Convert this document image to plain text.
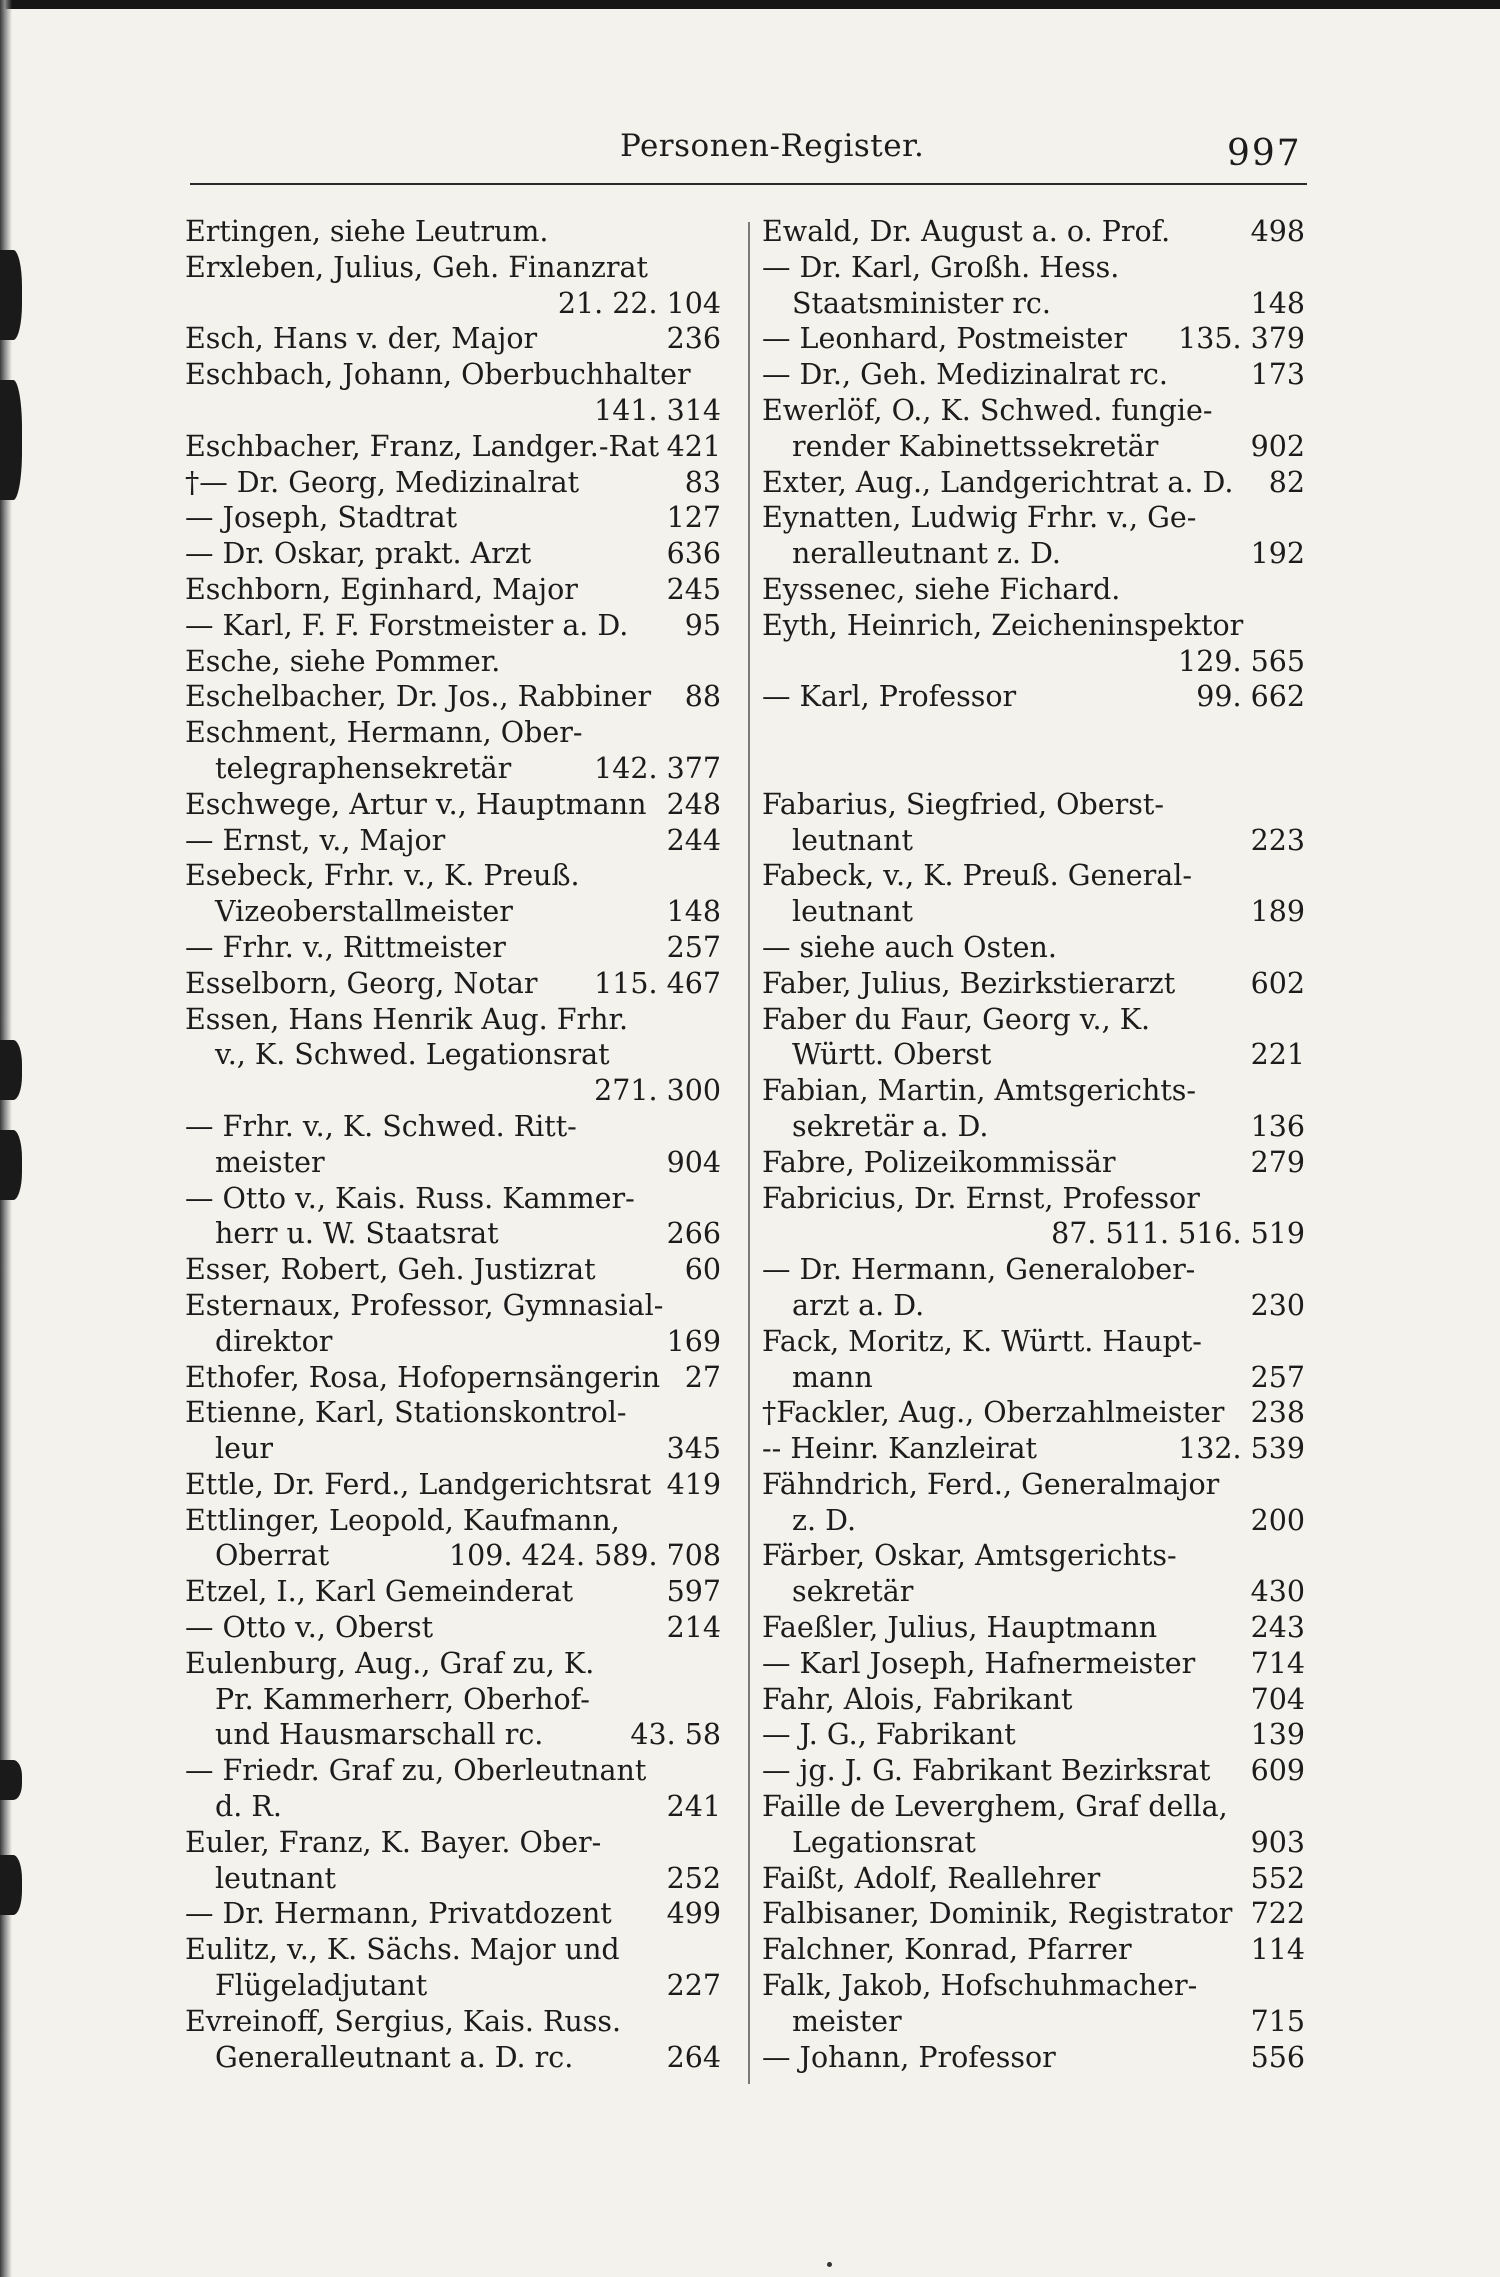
Personen-Register.	997
Ertingen, siehe Leutrum.
Erxleben, Julius, Geh. Finanzrat
21. 22. 104
Esch, Hans v. der, Major	236
Eschbach, Johann, Oberbuchhalter
141. 314
Eschbacher, Franz, Landger.-Rat 421
†— Dr. Georg, Medizinalrat	83
— Joseph, Stadtrat	127
— Dr. Oskar, prakt. Arzt	636
Eschborn, Eginhard, Major	245
— Karl, F. F. Forstmeister a. D. 95
Esche, siehe Pommer.
Eschelbacher, Dr. Jos., Rabbiner 88
Eschment, Hermann, Ober-
telegraphensekretär	142. 377
Eschwege, Artur v., Hauptmann 248
— Ernst, v., Major	244
Esebeck, Frhr. v., K. Preuß.
Vizeoberstallmeister	148
— Frhr. v., Rittmeister	257
Esselborn, Georg, Notar 115. 467
Essen, Hans Henrik Aug. Frhr.
v., K. Schwed. Legationsrat
271. 300
— Frhr. v., K. Schwed. Ritt-
meister	904
— Otto v., Kais. Russ. Kammer-
herr u. W. Staatsrat	266
Esser, Robert, Geh. Justizrat	60
Esternaux, Professor, Gymnasial-
direktor	169
Ethofer, Rosa, Hofopernsängerin 27
Etienne, Karl, Stationskontrol-
leur	345
Ettle, Dr. Ferd., Landgerichtsrat 419
Ettlinger, Leopold, Kaufmann,
Oberrat	109. 424. 589. 708
Etzel, I., Karl Gemeinderat	597
— Otto v., Oberst	214
Eulenburg, Aug., Graf zu, K.
Pr. Kammerherr, Oberhof-
und Hausmarschall rc.	43. 58
— Friedr. Graf zu, Oberleutnant
d. R.	241
Euler, Franz, K. Bayer. Ober-
leutnant	252
— Dr. Hermann, Privatdozent 499
Eulitz, v., K. Sächs. Major und
Flügeladjutant	227
Evreinoff, Sergius, Kais. Russ.
Generalleutnant a. D. rc.	264
Ewald, Dr. August a. o. Prof.	498
— Dr. Karl, Großh. Hess.
Staatsminister rc.	148
— Leonhard, Postmeister 135. 379
— Dr., Geh. Medizinalrat rc.	173
Ewerlöf, O., K. Schwed. fungie-
render Kabinettssekretär	902
Exter, Aug., Landgerichtrat a. D. 82
Eynatten, Ludwig Frhr. v., Ge-
neralleutnant z. D.	192
Eyssenec, siehe Fichard.
Eyth, Heinrich, Zeicheninspektor
129. 565
— Karl, Professor	99. 662
Fabarius, Siegfried, Oberst-
leutnant	223
Fabeck, v., K. Preuß. General-
leutnant	189
— siehe auch Osten.
Faber, Julius, Bezirkstierarzt	602
Faber du Faur, Georg v., K.
Württ. Oberst	221
Fabian, Martin, Amtsgerichts-
sekretär a. D.	136
Fabre, Polizeikommissär	279
Fabricius, Dr. Ernst, Professor
87. 511. 516. 519
— Dr. Hermann, Generalober-
arzt a. D.	230
Fack, Moritz, K. Württ. Haupt-
mann	257
†Fackler, Aug., Oberzahlmeister 238
-- Heinr. Kanzleirat	132. 539
Fähndrich, Ferd., Generalmajor
z. D.	200
Färber, Oskar, Amtsgerichts-
sekretär	430
Faeßler, Julius, Hauptmann	243
— Karl Joseph, Hafnermeister 714
Fahr, Alois, Fabrikant	704
— J. G., Fabrikant	139
— jg. J. G. Fabrikant Bezirksrat 609
Faille de Leverghem, Graf della,
Legationsrat	903
Faißt, Adolf, Reallehrer	552
Falbisaner, Dominik, Registrator 722
Falchner, Konrad, Pfarrer	114
Falk, Jakob, Hofschuhmacher-
meister	715
— Johann, Professor	556
